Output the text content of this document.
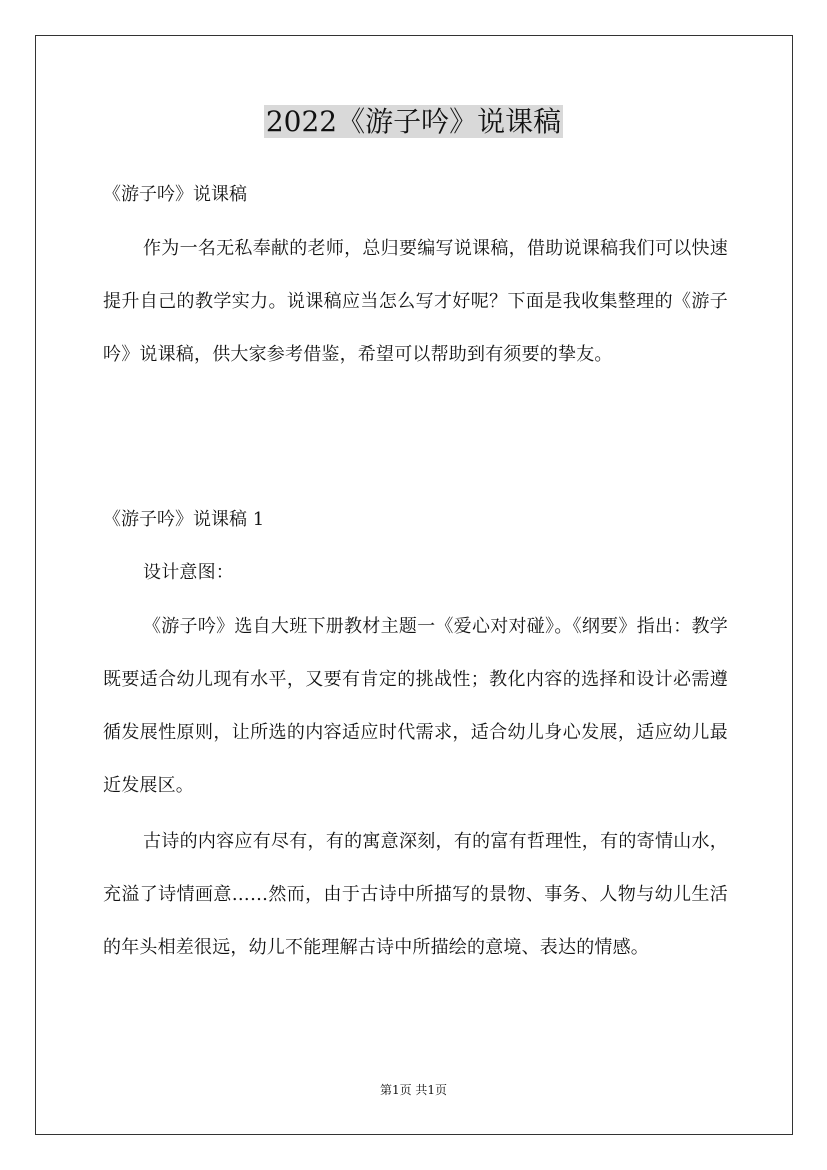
2022《游子吟》说课稿
《游子吟》说课稿
作为一名无私奉献的老师，总归要编写说课稿，借助说课稿我们可以快速提升自己的教学实力。说课稿应当怎么写才好呢？下面是我收集整理的《游子吟》说课稿，供大家参考借鉴，希望可以帮助到有须要的挚友。
《游子吟》说课稿 1
设计意图：
《游子吟》选自大班下册教材主题一《爱心对对碰》。《纲要》指出：教学既要适合幼儿现有水平，又要有肯定的挑战性；教化内容的选择和设计必需遵循发展性原则，让所选的内容适应时代需求，适合幼儿身心发展，适应幼儿最近发展区。
古诗的内容应有尽有，有的寓意深刻，有的富有哲理性，有的寄情山水，充溢了诗情画意……然而，由于古诗中所描写的景物、事务、人物与幼儿生活的年头相差很远，幼儿不能理解古诗中所描绘的意境、表达的情感。
第1页 共1页
